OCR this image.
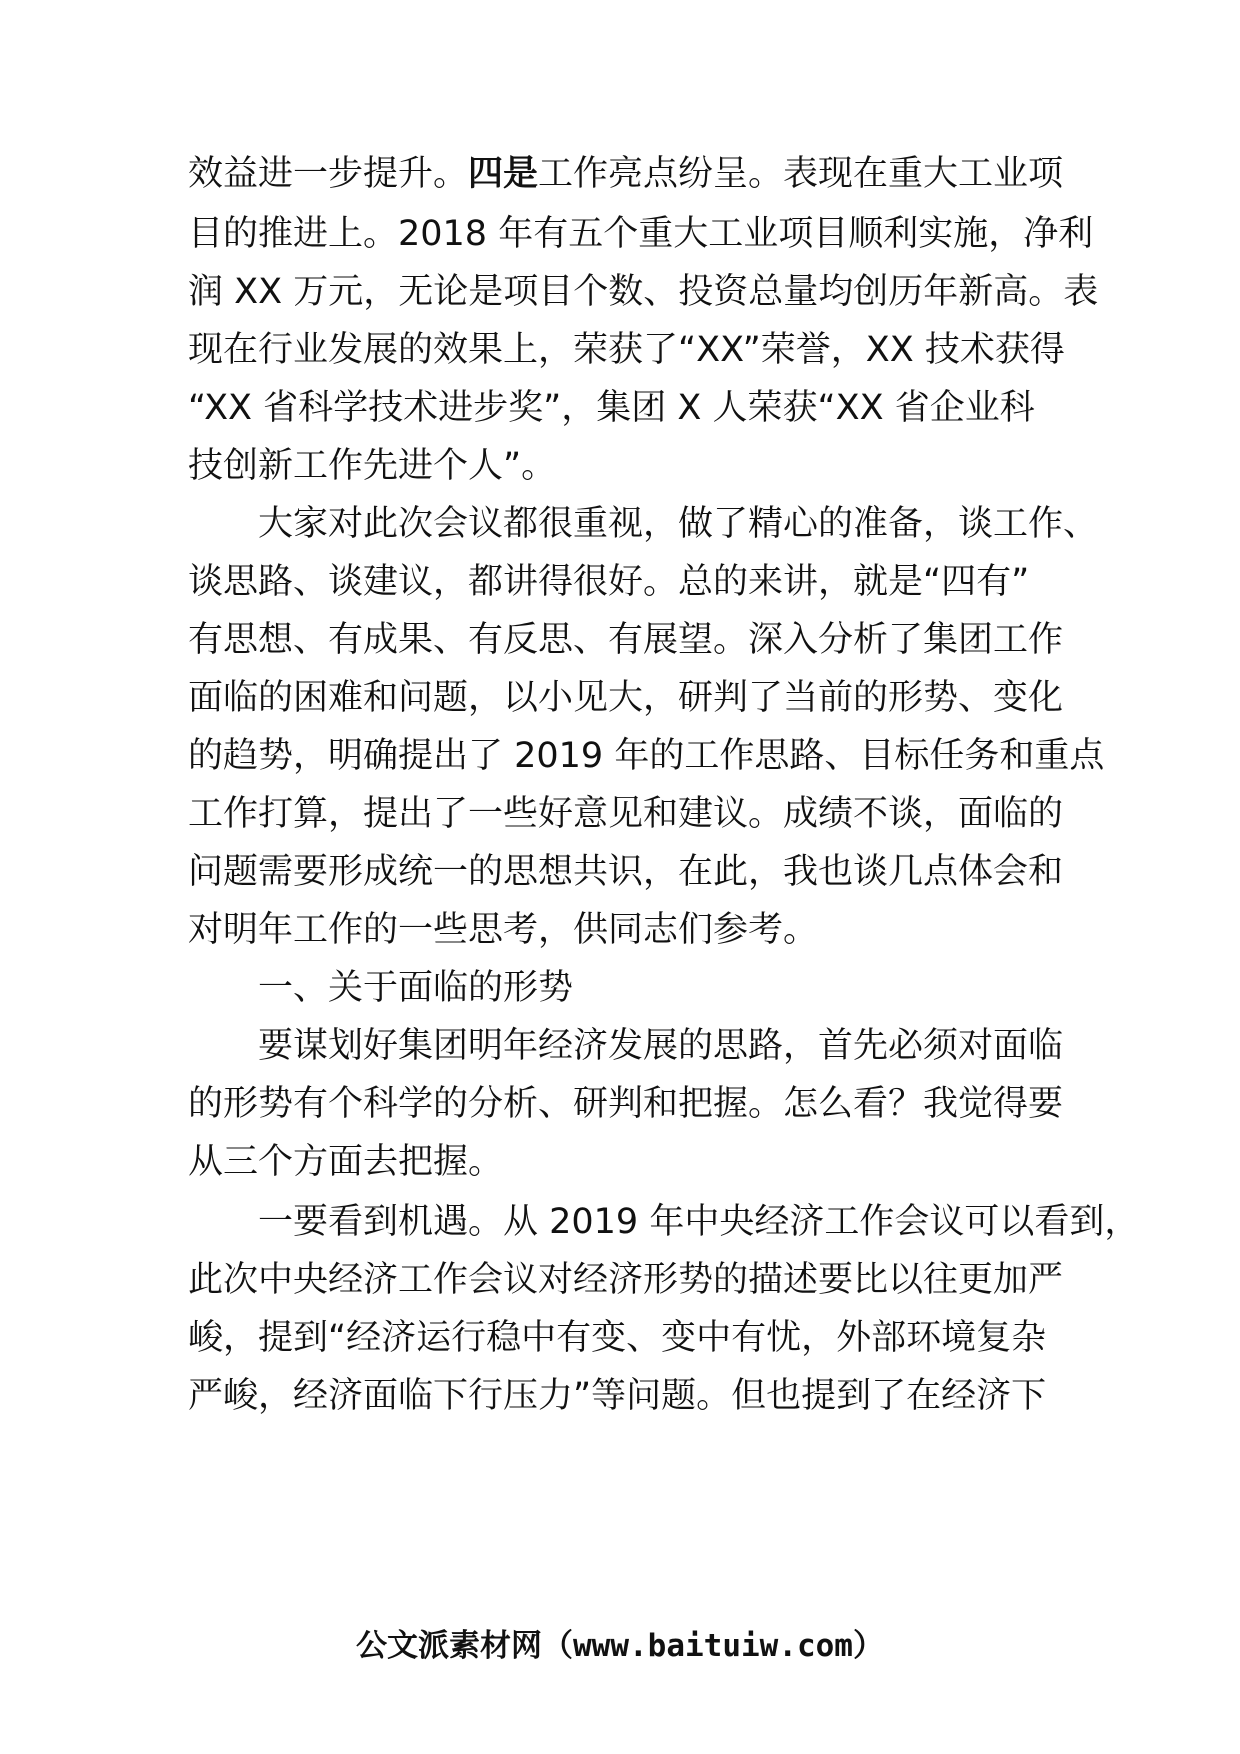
效益进一步提升。四是工作亮点纷呈。表现在重大工业项
目的推进上。2018 年有五个重大工业项目顺利实施，净利
润 XX 万元，无论是项目个数、投资总量均创历年新高。表
现在行业发展的效果上，荣获了“XX”荣誉，XX 技术获得
“XX 省科学技术进步奖”，集团 X 人荣获“XX 省企业科
技创新工作先进个人”。
大家对此次会议都很重视，做了精心的准备，谈工作、
谈思路、谈建议，都讲得很好。总的来讲，就是“四有”
有思想、有成果、有反思、有展望。深入分析了集团工作
面临的困难和问题，以小见大，研判了当前的形势、变化
的趋势，明确提出了 2019 年的工作思路、目标任务和重点
工作打算，提出了一些好意见和建议。成绩不谈，面临的
问题需要形成统一的思想共识，在此，我也谈几点体会和
对明年工作的一些思考，供同志们参考。
一、关于面临的形势
要谋划好集团明年经济发展的思路，首先必须对面临
的形势有个科学的分析、研判和把握。怎么看？我觉得要
从三个方面去把握。
一要看到机遇。从 2019 年中央经济工作会议可以看到，
此次中央经济工作会议对经济形势的描述要比以往更加严
峻，提到“经济运行稳中有变、变中有忧，外部环境复杂
严峻，经济面临下行压力”等问题。但也提到了在经济下
公文派素材网（www.baituiw.com）
